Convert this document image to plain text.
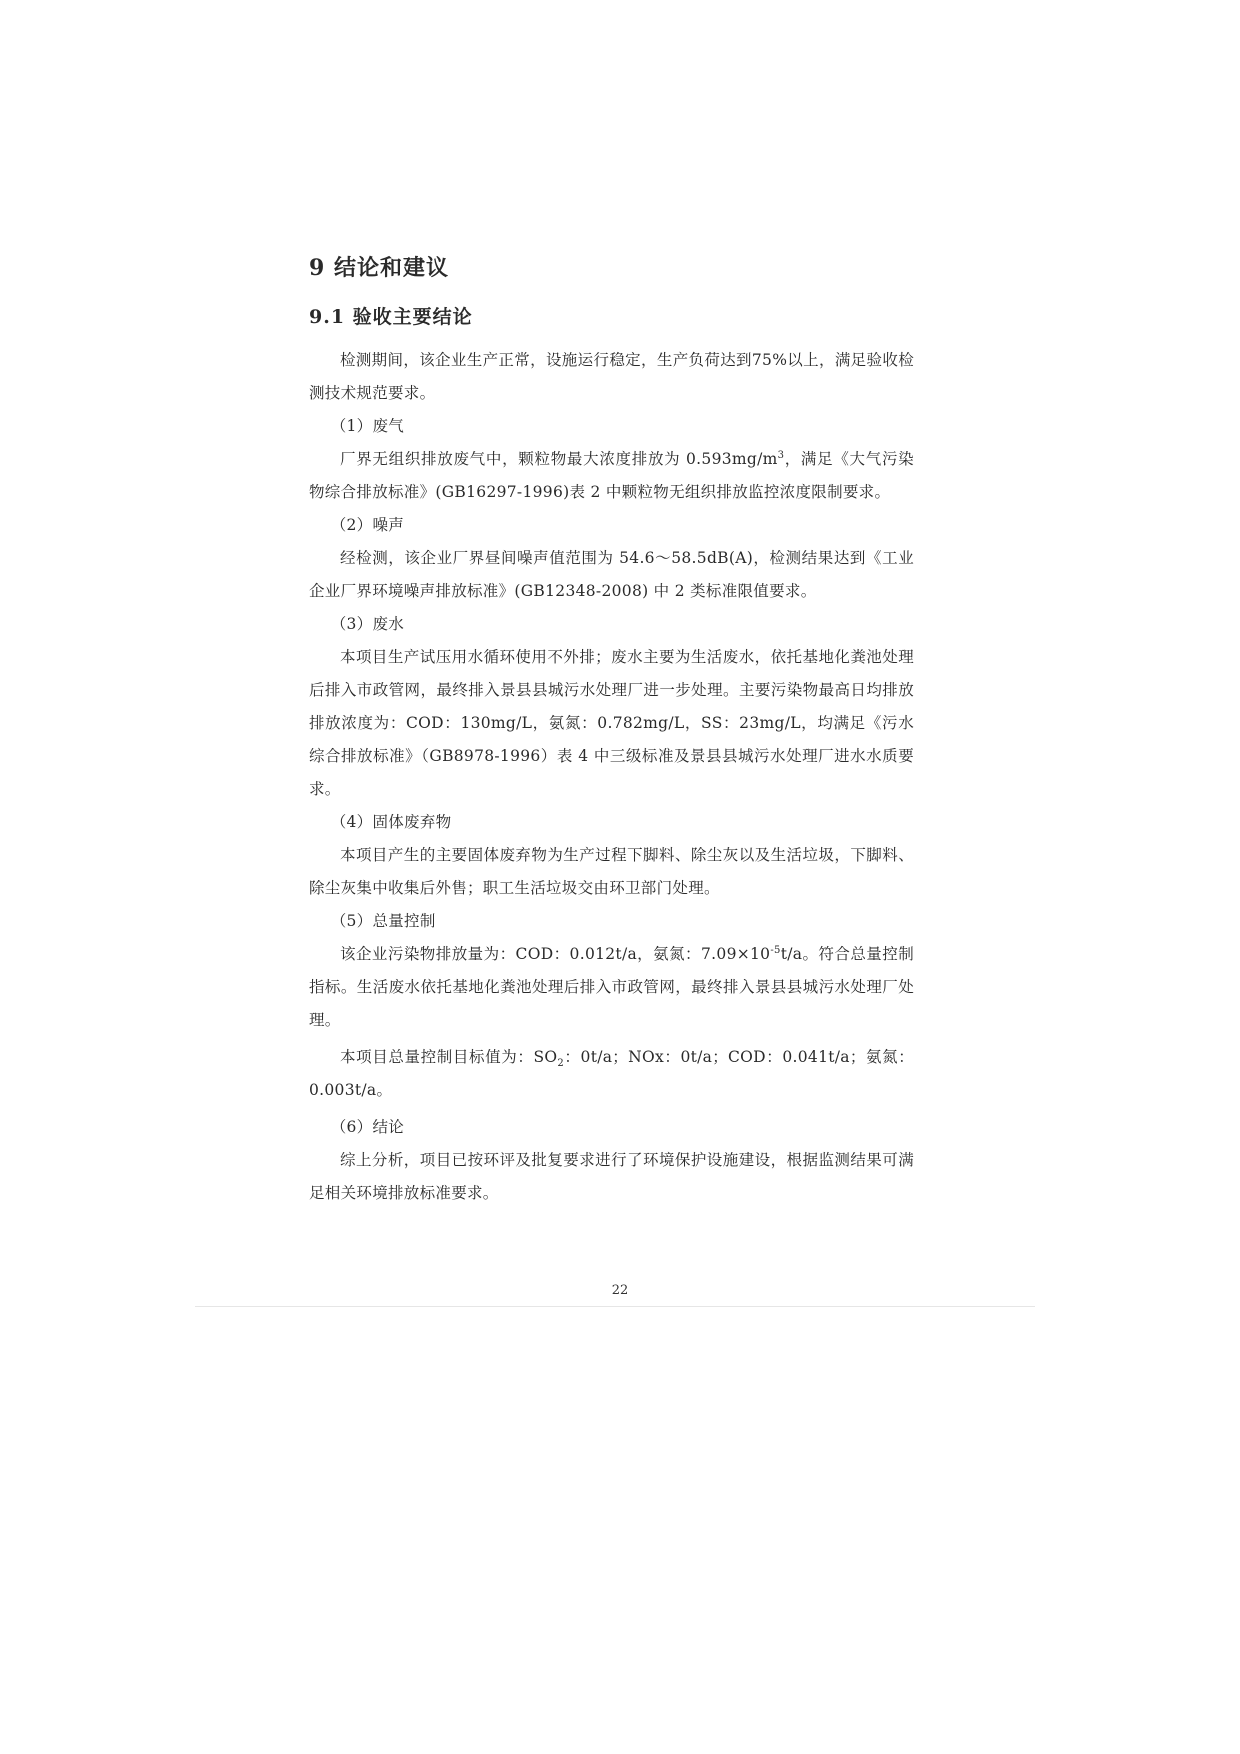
9 结论和建议
9.1 验收主要结论

检测期间，该企业生产正常，设施运行稳定，生产负荷达到75%以上，满足验收检测技术规范要求。

（1）废气

厂界无组织排放废气中，颗粒物最大浓度排放为 $0.593mg/m^3$，满足《大气污染物综合排放标准》(GB16297-1996)表 2 中颗粒物无组织排放监控浓度限制要求。

（2）噪声

经检测，该企业厂界昼间噪声值范围为 54.6～58.5dB(A)，检测结果达到《工业企业厂界环境噪声排放标准》(GB12348-2008) 中 2 类标准限值要求。

（3）废水

本项目生产试压用水循环使用不外排；废水主要为生活废水，依托基地化粪池处理后排入市政管网，最终排入景县县城污水处理厂进一步处理。主要污染物最高日均排放排放浓度为：COD：130mg/L，氨氮：0.782mg/L，SS：23mg/L，均满足《污水综合排放标准》（GB8978-1996）表 4 中三级标准及景县县城污水处理厂进水水质要求。

（4）固体废弃物

本项目产生的主要固体废弃物为生产过程下脚料、除尘灰以及生活垃圾，下脚料、除尘灰集中收集后外售；职工生活垃圾交由环卫部门处理。

（5）总量控制

该企业污染物排放量为：COD：0.012t/a，氨氮：$7.09\times 10^{-5}t/a$。符合总量控制指标。生活废水依托基地化粪池处理后排入市政管网，最终排入景县县城污水处理厂处理。

本项目总量控制目标值为：$SO_2$：0t/a；NOx：0t/a；COD：0.041t/a；氨氮：0.003t/a。

（6）结论

综上分析，项目已按环评及批复要求进行了环境保护设施建设，根据监测结果可满足相关环境排放标准要求。

22
